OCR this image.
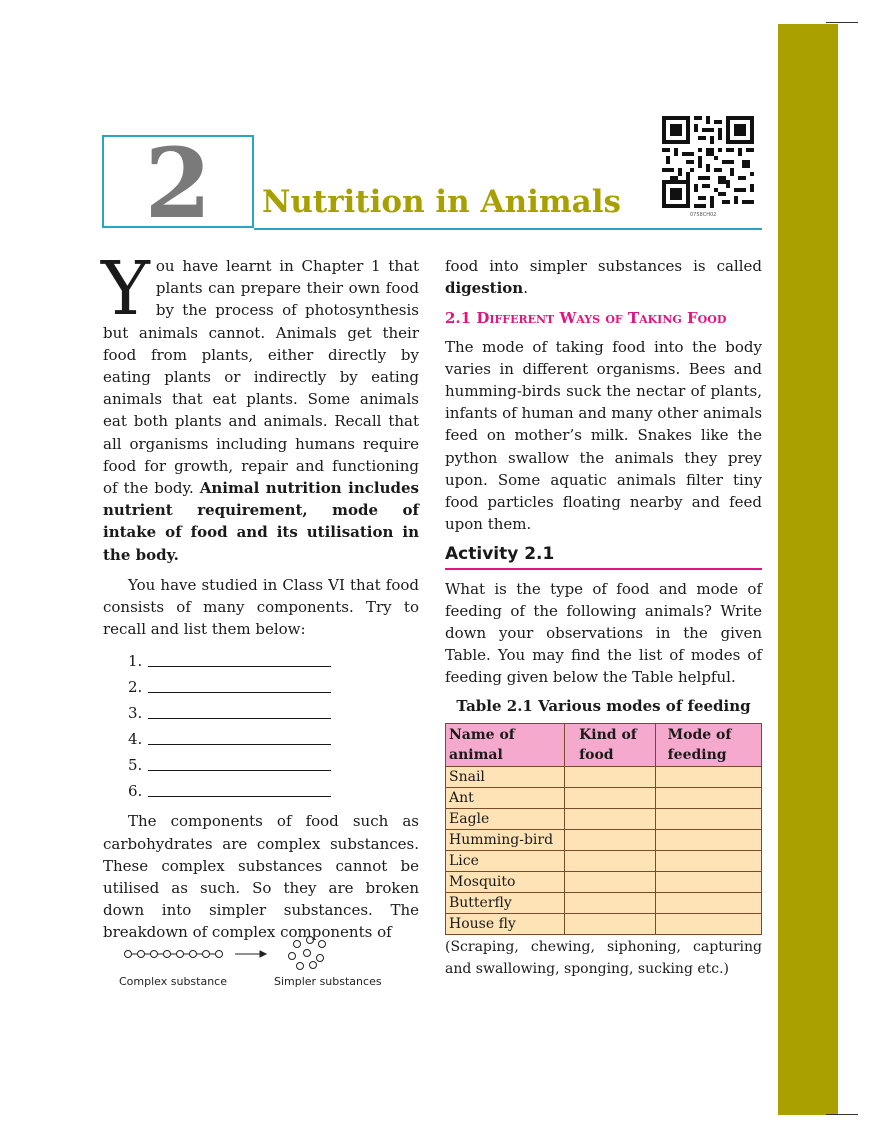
2 Nutrition in Animals	0758CH02

You have learnt in Chapter 1 that plants can prepare their own food by the process of photosynthesis but animals cannot. Animals get their food from plants, either directly by eating plants or indirectly by eating animals that eat plants. Some animals eat both plants and animals. Recall that all organisms including humans require food for growth, repair and functioning of the body. Animal nutrition includes nutrient requirement, mode of intake of food and its utilisation in the body.

You have studied in Class VI that food consists of many components. Try to recall and list them below:

1.
2.
3.
4.
5.
6.

The components of food such as carbohydrates are complex substances. These complex substances cannot be utilised as such. So they are broken down into simpler substances. The breakdown of complex components of

Complex substance	Simpler substances

food into simpler substances is called digestion.

2.1 Different Ways of Taking Food

The mode of taking food into the body varies in different organisms. Bees and humming-birds suck the nectar of plants, infants of human and many other animals feed on mother’s milk. Snakes like the python swallow the animals they prey upon. Some aquatic animals filter tiny food particles floating nearby and feed upon them.

Activity 2.1

What is the type of food and mode of feeding of the following animals? Write down your observations in the given Table. You may find the list of modes of feeding given below the Table helpful.

Table 2.1 Various modes of feeding

Name of animal	Kind of food	Mode of feeding
Snail		
Ant		
Eagle		
Humming-bird		
Lice		
Mosquito		
Butterfly		
House fly		

(Scraping, chewing, siphoning, capturing and swallowing, sponging, sucking etc.)
